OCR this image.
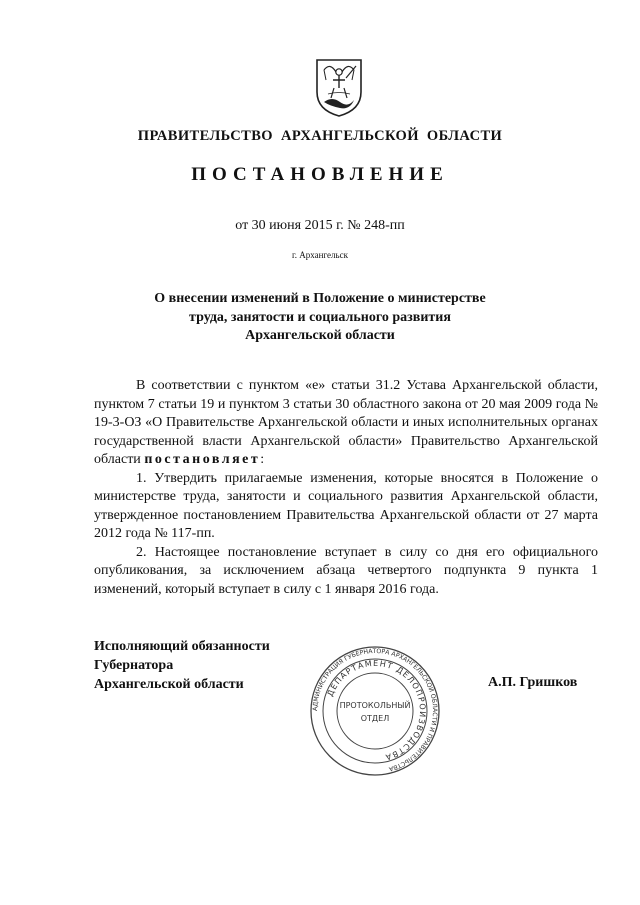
ПРАВИТЕЛЬСТВО АРХАНГЕЛЬСКОЙ ОБЛАСТИ
ПОСТАНОВЛЕНИЕ
от 30 июня 2015 г. № 248-пп
г. Архангельск
О внесении изменений в Положение о министерстве
труда, занятости и социального развития
Архангельской области

В соответствии с пунктом «е» статьи 31.2 Устава Архангельской области, пунктом 7 статьи 19 и пунктом 3 статьи 30 областного закона от 20 мая 2009 года № 19-3-ОЗ «О Правительстве Архангельской области и иных исполнительных органах государственной власти Архангельской области» Правительство Архангельской области постановляет:

1. Утвердить прилагаемые изменения, которые вносятся в Положение о министерстве труда, занятости и социального развития Архангельской области, утвержденное постановлением Правительства Архангельской области от 27 марта 2012 года № 117-пп.

2. Настоящее постановление вступает в силу со дня его официального опубликования, за исключением абзаца четвертого подпункта 9 пункта 1 изменений, который вступает в силу с 1 января 2016 года.

Исполняющий обязанности
Губернатора
Архангельской области	А.П. Гришков
АДМИНИСТРАЦИЯ ГУБЕРНАТОРА АРХАНГЕЛЬСКОЙ ОБЛАСТИ И ПРАВИТЕЛЬСТВА
ДЕПАРТАМЕНТ ДЕЛОПРОИЗВОДСТВА
ПРОТОКОЛЬНЫЙ
ОТДЕЛ
